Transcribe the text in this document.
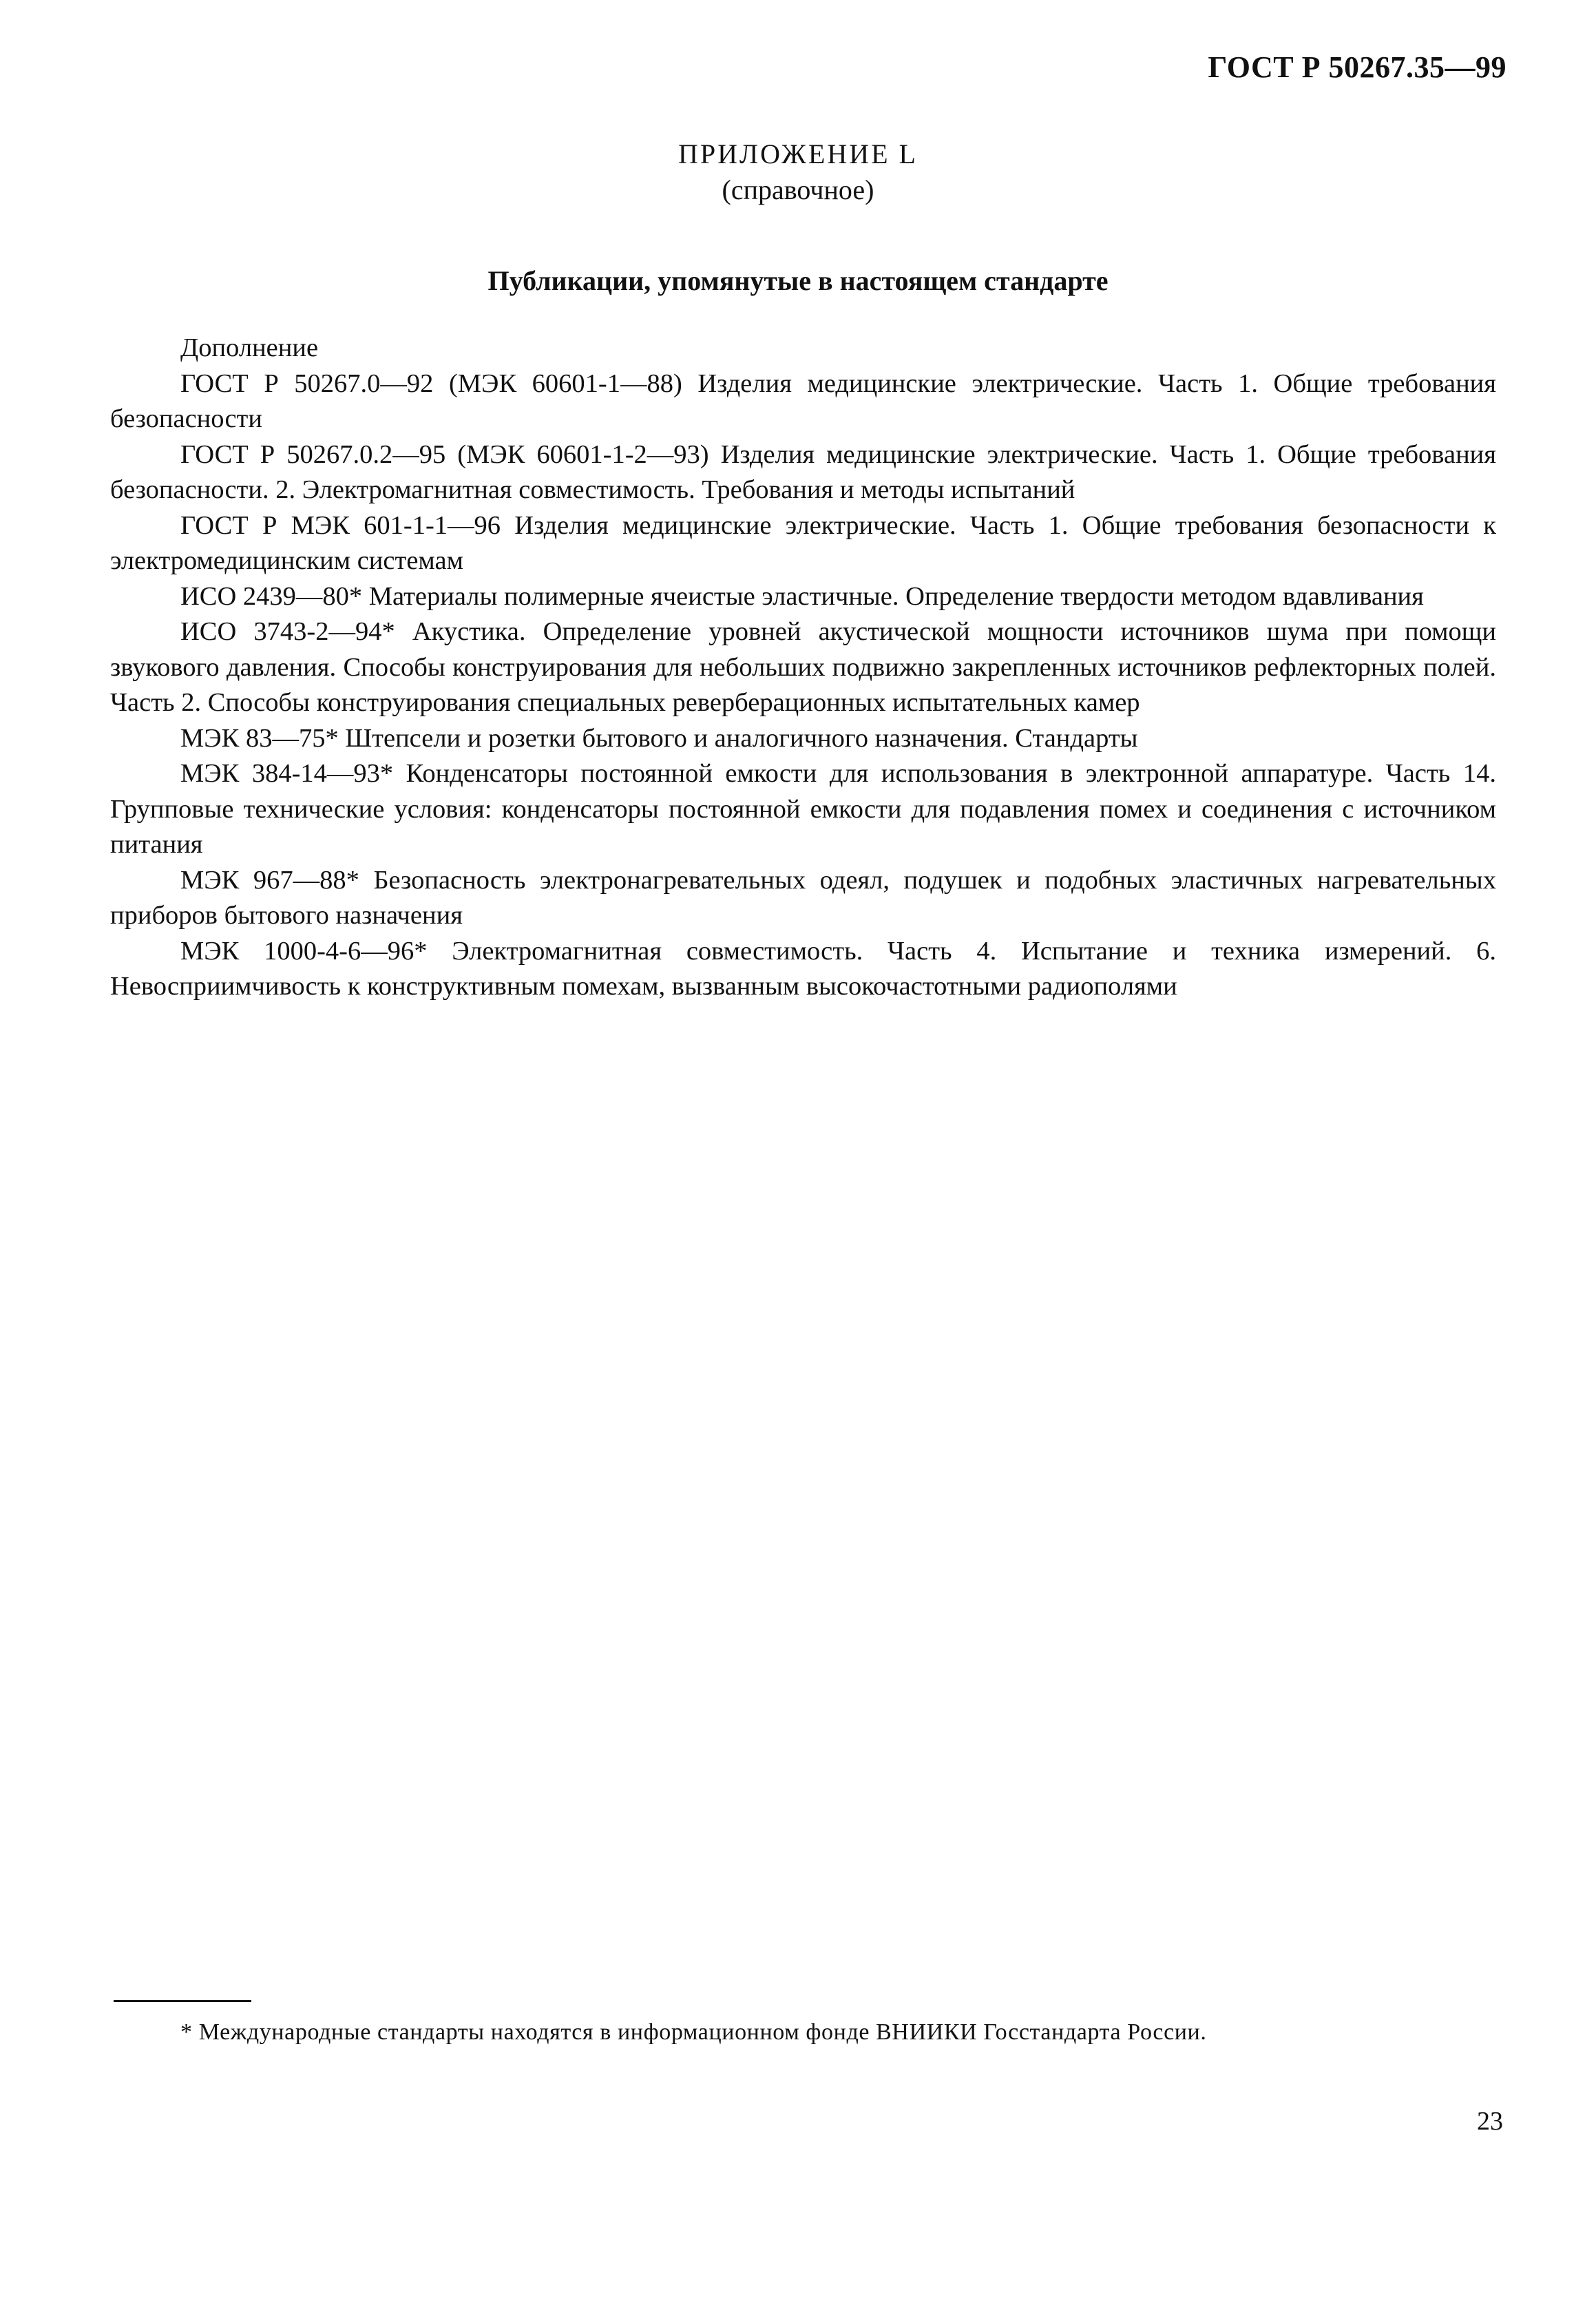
ГОСТ Р 50267.35—99
ПРИЛОЖЕНИЕ L
(справочное)
Публикации, упомянутые в настоящем стандарте

Дополнение

ГОСТ Р 50267.0—92 (МЭК 60601-1—88) Изделия медицинские электрические. Часть 1. Общие требования безопасности

ГОСТ Р 50267.0.2—95 (МЭК 60601-1-2—93) Изделия медицинские электрические. Часть 1. Общие требования безопасности. 2. Электромагнитная совместимость. Требования и методы испытаний

ГОСТ Р МЭК 601-1-1—96 Изделия медицинские электрические. Часть 1. Общие требования безопасности к электромедицинским системам

ИСО 2439—80* Материалы полимерные ячеистые эластичные. Определение твердости методом вдавливания

ИСО 3743-2—94* Акустика. Определение уровней акустической мощности источников шума при помощи звукового давления. Способы конструирования для небольших подвижно закрепленных источников рефлекторных полей. Часть 2. Способы конструирования специальных реверберационных испытательных камер

МЭК 83—75* Штепсели и розетки бытового и аналогичного назначения. Стандарты

МЭК 384-14—93* Конденсаторы постоянной емкости для использования в электронной аппаратуре. Часть 14. Групповые технические условия: конденсаторы постоянной емкости для подавления помех и соединения с источником питания

МЭК 967—88* Безопасность электронагревательных одеял, подушек и подобных эластичных нагревательных приборов бытового назначения

МЭК 1000-4-6—96* Электромагнитная совместимость. Часть 4. Испытание и техника измерений. 6. Невосприимчивость к конструктивным помехам, вызванным высокочастотными радиополями

* Международные стандарты находятся в информационном фонде ВНИИКИ Госстандарта России.
23
